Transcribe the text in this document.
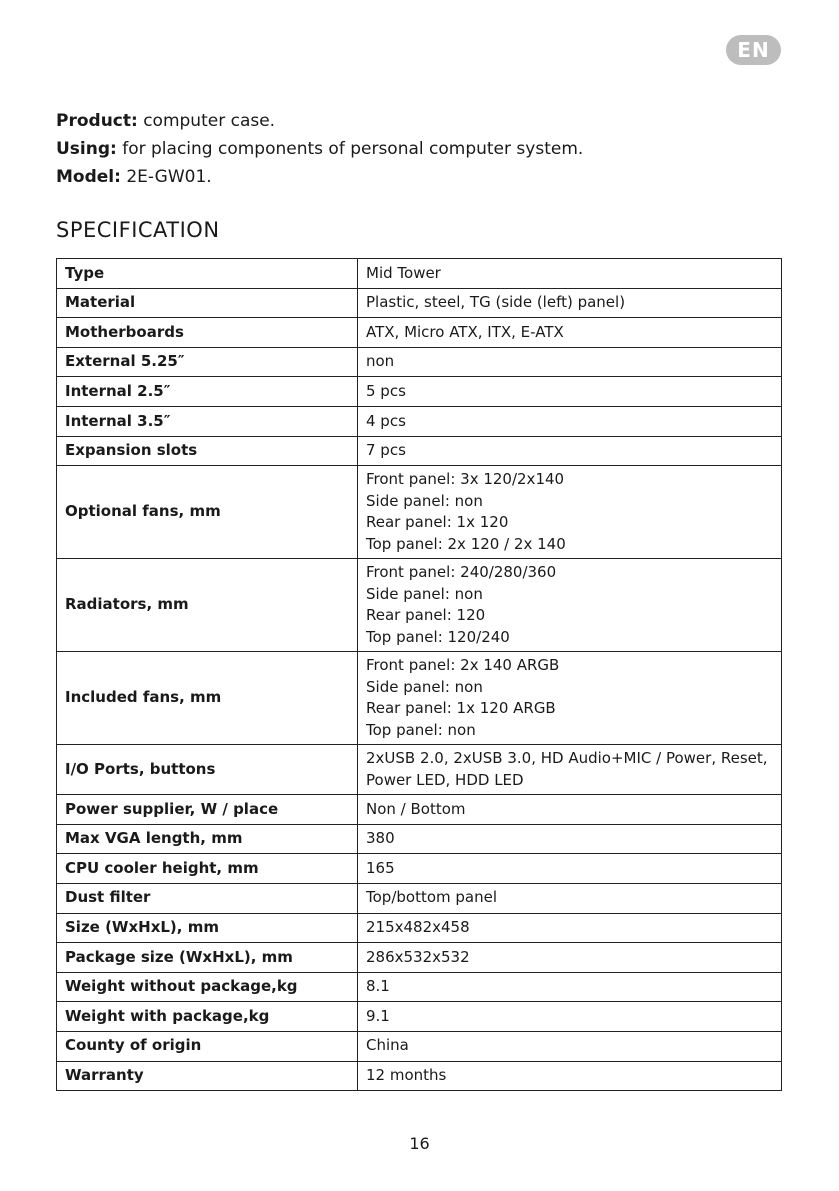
EN
Product: computer case.
Using: for placing components of personal computer system.
Model: 2E-GW01.
SPECIFICATION
Type	Mid Tower
Material	Plastic, steel, TG (side (left) panel)
Motherboards	ATX, Micro ATX, ITX, E-ATX
External 5.25″	non
Internal 2.5″	5 pcs
Internal 3.5″	4 pcs
Expansion slots	7 pcs
Optional fans, mm	Front panel: 3x 120/2x140
Side panel: non
Rear panel: 1x 120
Top panel: 2x 120 / 2x 140

Radiators, mm	Front panel: 240/280/360
Side panel: non
Rear panel: 120
Top panel: 120/240

Included fans, mm	Front panel: 2x 140 ARGB
Side panel: non
Rear panel: 1x 120 ARGB
Top panel: non

I/O Ports, buttons	2xUSB 2.0, 2xUSB 3.0, HD Audio+MIC / Power, Reset,
Power LED, HDD LED

Power supplier, W / place	Non / Bottom
Max VGA length, mm	380
CPU cooler height, mm	165
Dust filter	Top/bottom panel
Size (WxHxL), mm	215x482x458
Package size (WxHxL), mm	286x532x532
Weight without package,kg	8.1
Weight with package,kg	9.1
County of origin	China
Warranty	12 months
16
